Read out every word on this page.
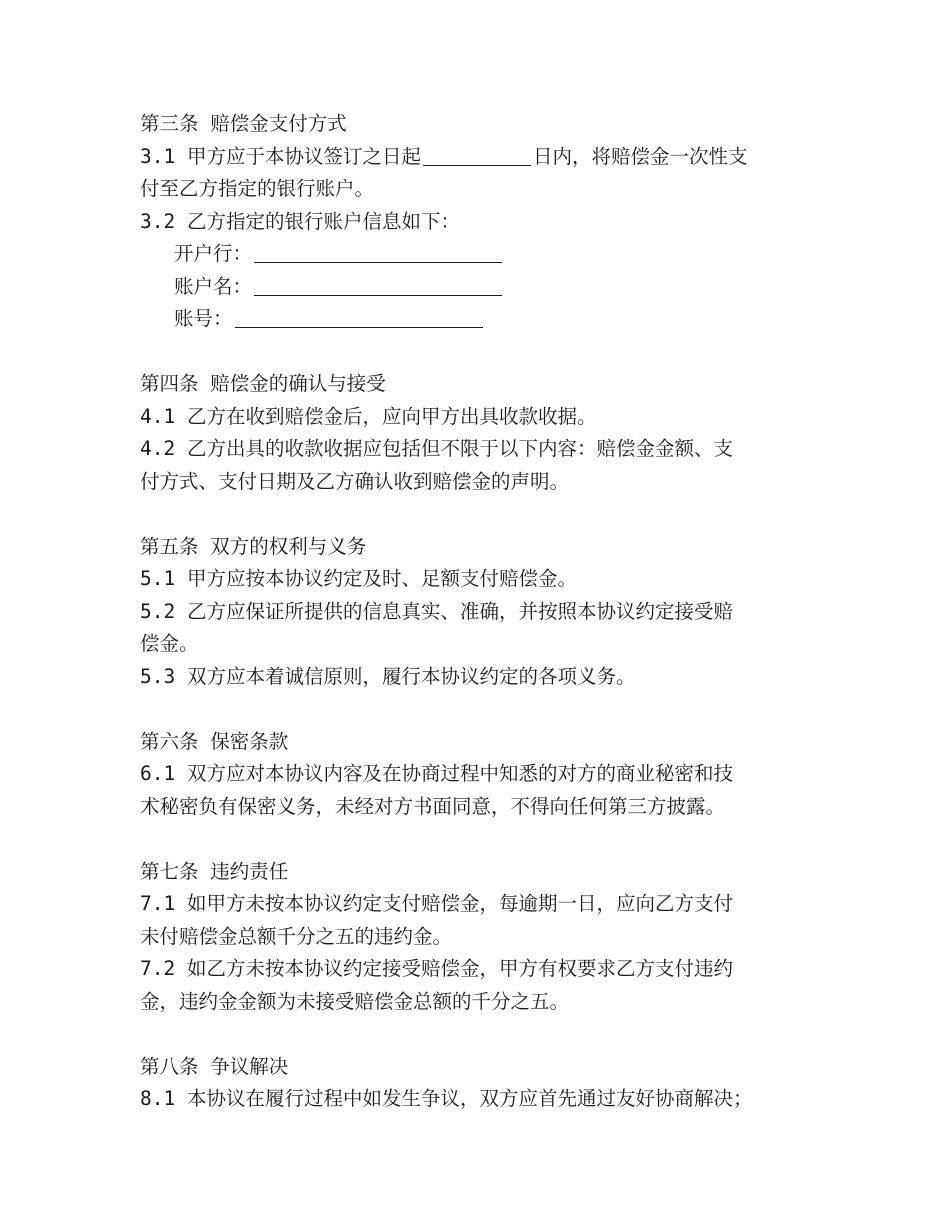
第三条 赔偿金支付方式

3.1 甲方应于本协议签订之日起	日内，将赔偿金一次性支

付至乙方指定的银行账户。

3.2 乙方指定的银行账户信息如下：

开户行：

账户名：

账号：

第四条 赔偿金的确认与接受

4.1 乙方在收到赔偿金后，应向甲方出具收款收据。

4.2 乙方出具的收款收据应包括但不限于以下内容：赔偿金金额、支

付方式、支付日期及乙方确认收到赔偿金的声明。

第五条 双方的权利与义务

5.1 甲方应按本协议约定及时、足额支付赔偿金。

5.2 乙方应保证所提供的信息真实、准确，并按照本协议约定接受赔

偿金。

5.3 双方应本着诚信原则，履行本协议约定的各项义务。

第六条 保密条款

6.1 双方应对本协议内容及在协商过程中知悉的对方的商业秘密和技

术秘密负有保密义务，未经对方书面同意，不得向任何第三方披露。

第七条 违约责任

7.1 如甲方未按本协议约定支付赔偿金，每逾期一日，应向乙方支付

未付赔偿金总额千分之五的违约金。

7.2 如乙方未按本协议约定接受赔偿金，甲方有权要求乙方支付违约

金，违约金金额为未接受赔偿金总额的千分之五。

第八条 争议解决

8.1 本协议在履行过程中如发生争议，双方应首先通过友好协商解决；
